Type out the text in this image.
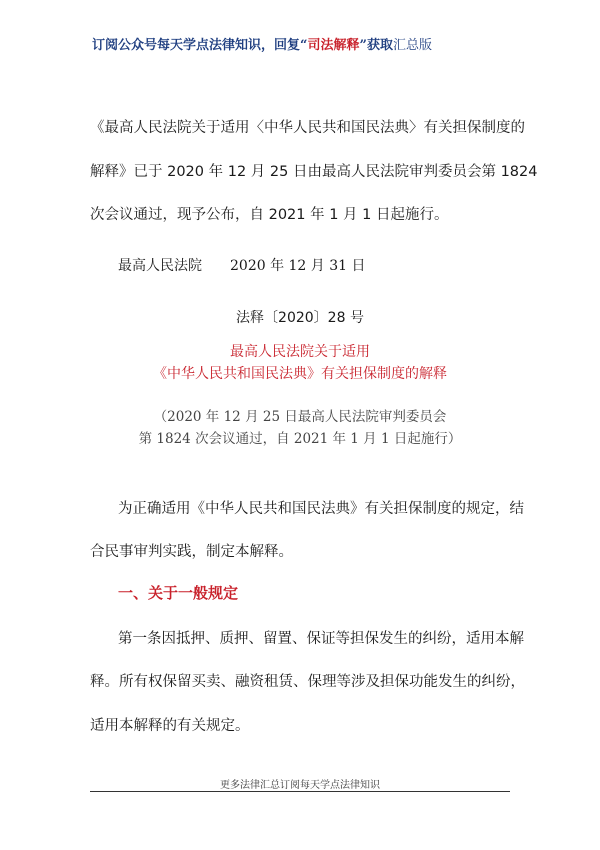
订阅公众号每天学点法律知识，回复“司法解释”获取汇总版
《最高人民法院关于适用〈中华人民共和国民法典〉有关担保制度的
解释》已于 2020 年 12 月 25 日由最高人民法院审判委员会第 1824
次会议通过，现予公布，自 2021 年 1 月 1 日起施行。
最高人民法院 2020 年 12 月 31 日
法释〔2020〕28 号
最高人民法院关于适用
《中华人民共和国民法典》有关担保制度的解释
（2020 年 12 月 25 日最高人民法院审判委员会
第 1824 次会议通过，自 2021 年 1 月 1 日起施行）
为正确适用《中华人民共和国民法典》有关担保制度的规定，结
合民事审判实践，制定本解释。
一、关于一般规定
第一条因抵押、质押、留置、保证等担保发生的纠纷，适用本解
释。所有权保留买卖、融资租赁、保理等涉及担保功能发生的纠纷，
适用本解释的有关规定。
更多法律汇总订阅每天学点法律知识
